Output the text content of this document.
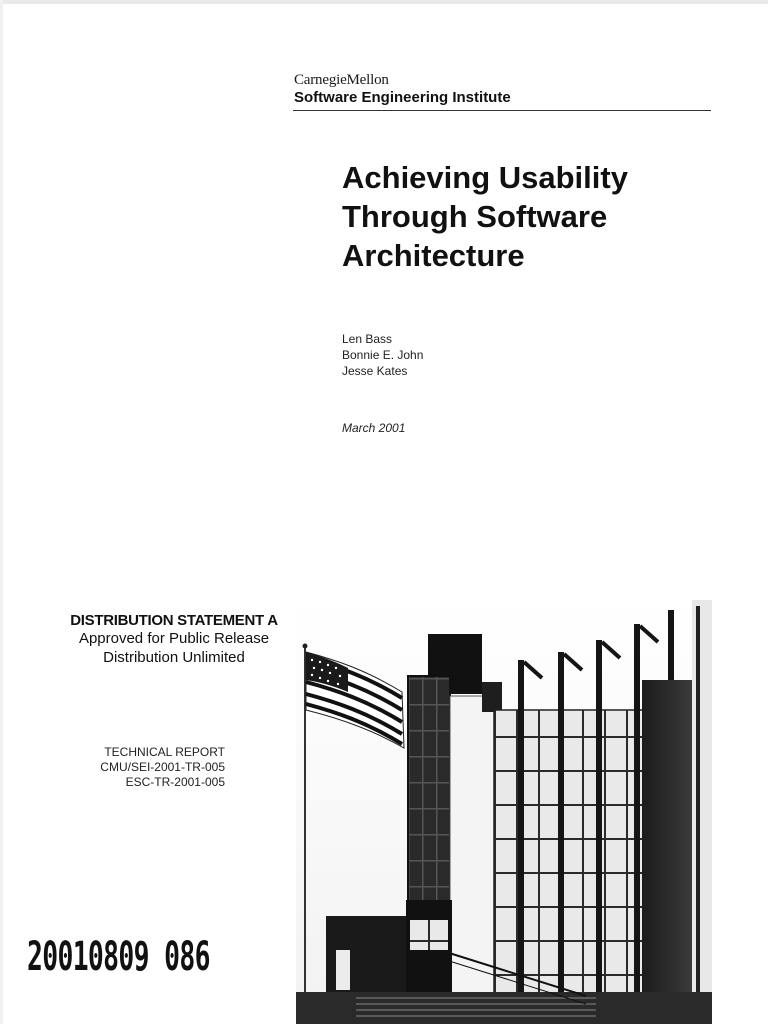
CarnegieMellon
Software Engineering Institute
Achieving Usability
Through Software
Architecture
Len Bass
Bonnie E. John
Jesse Kates
March 2001
DISTRIBUTION STATEMENT A
Approved for Public Release
Distribution Unlimited
TECHNICAL REPORT
CMU/SEI-2001-TR-005
ESC-TR-2001-005
20010809 086
